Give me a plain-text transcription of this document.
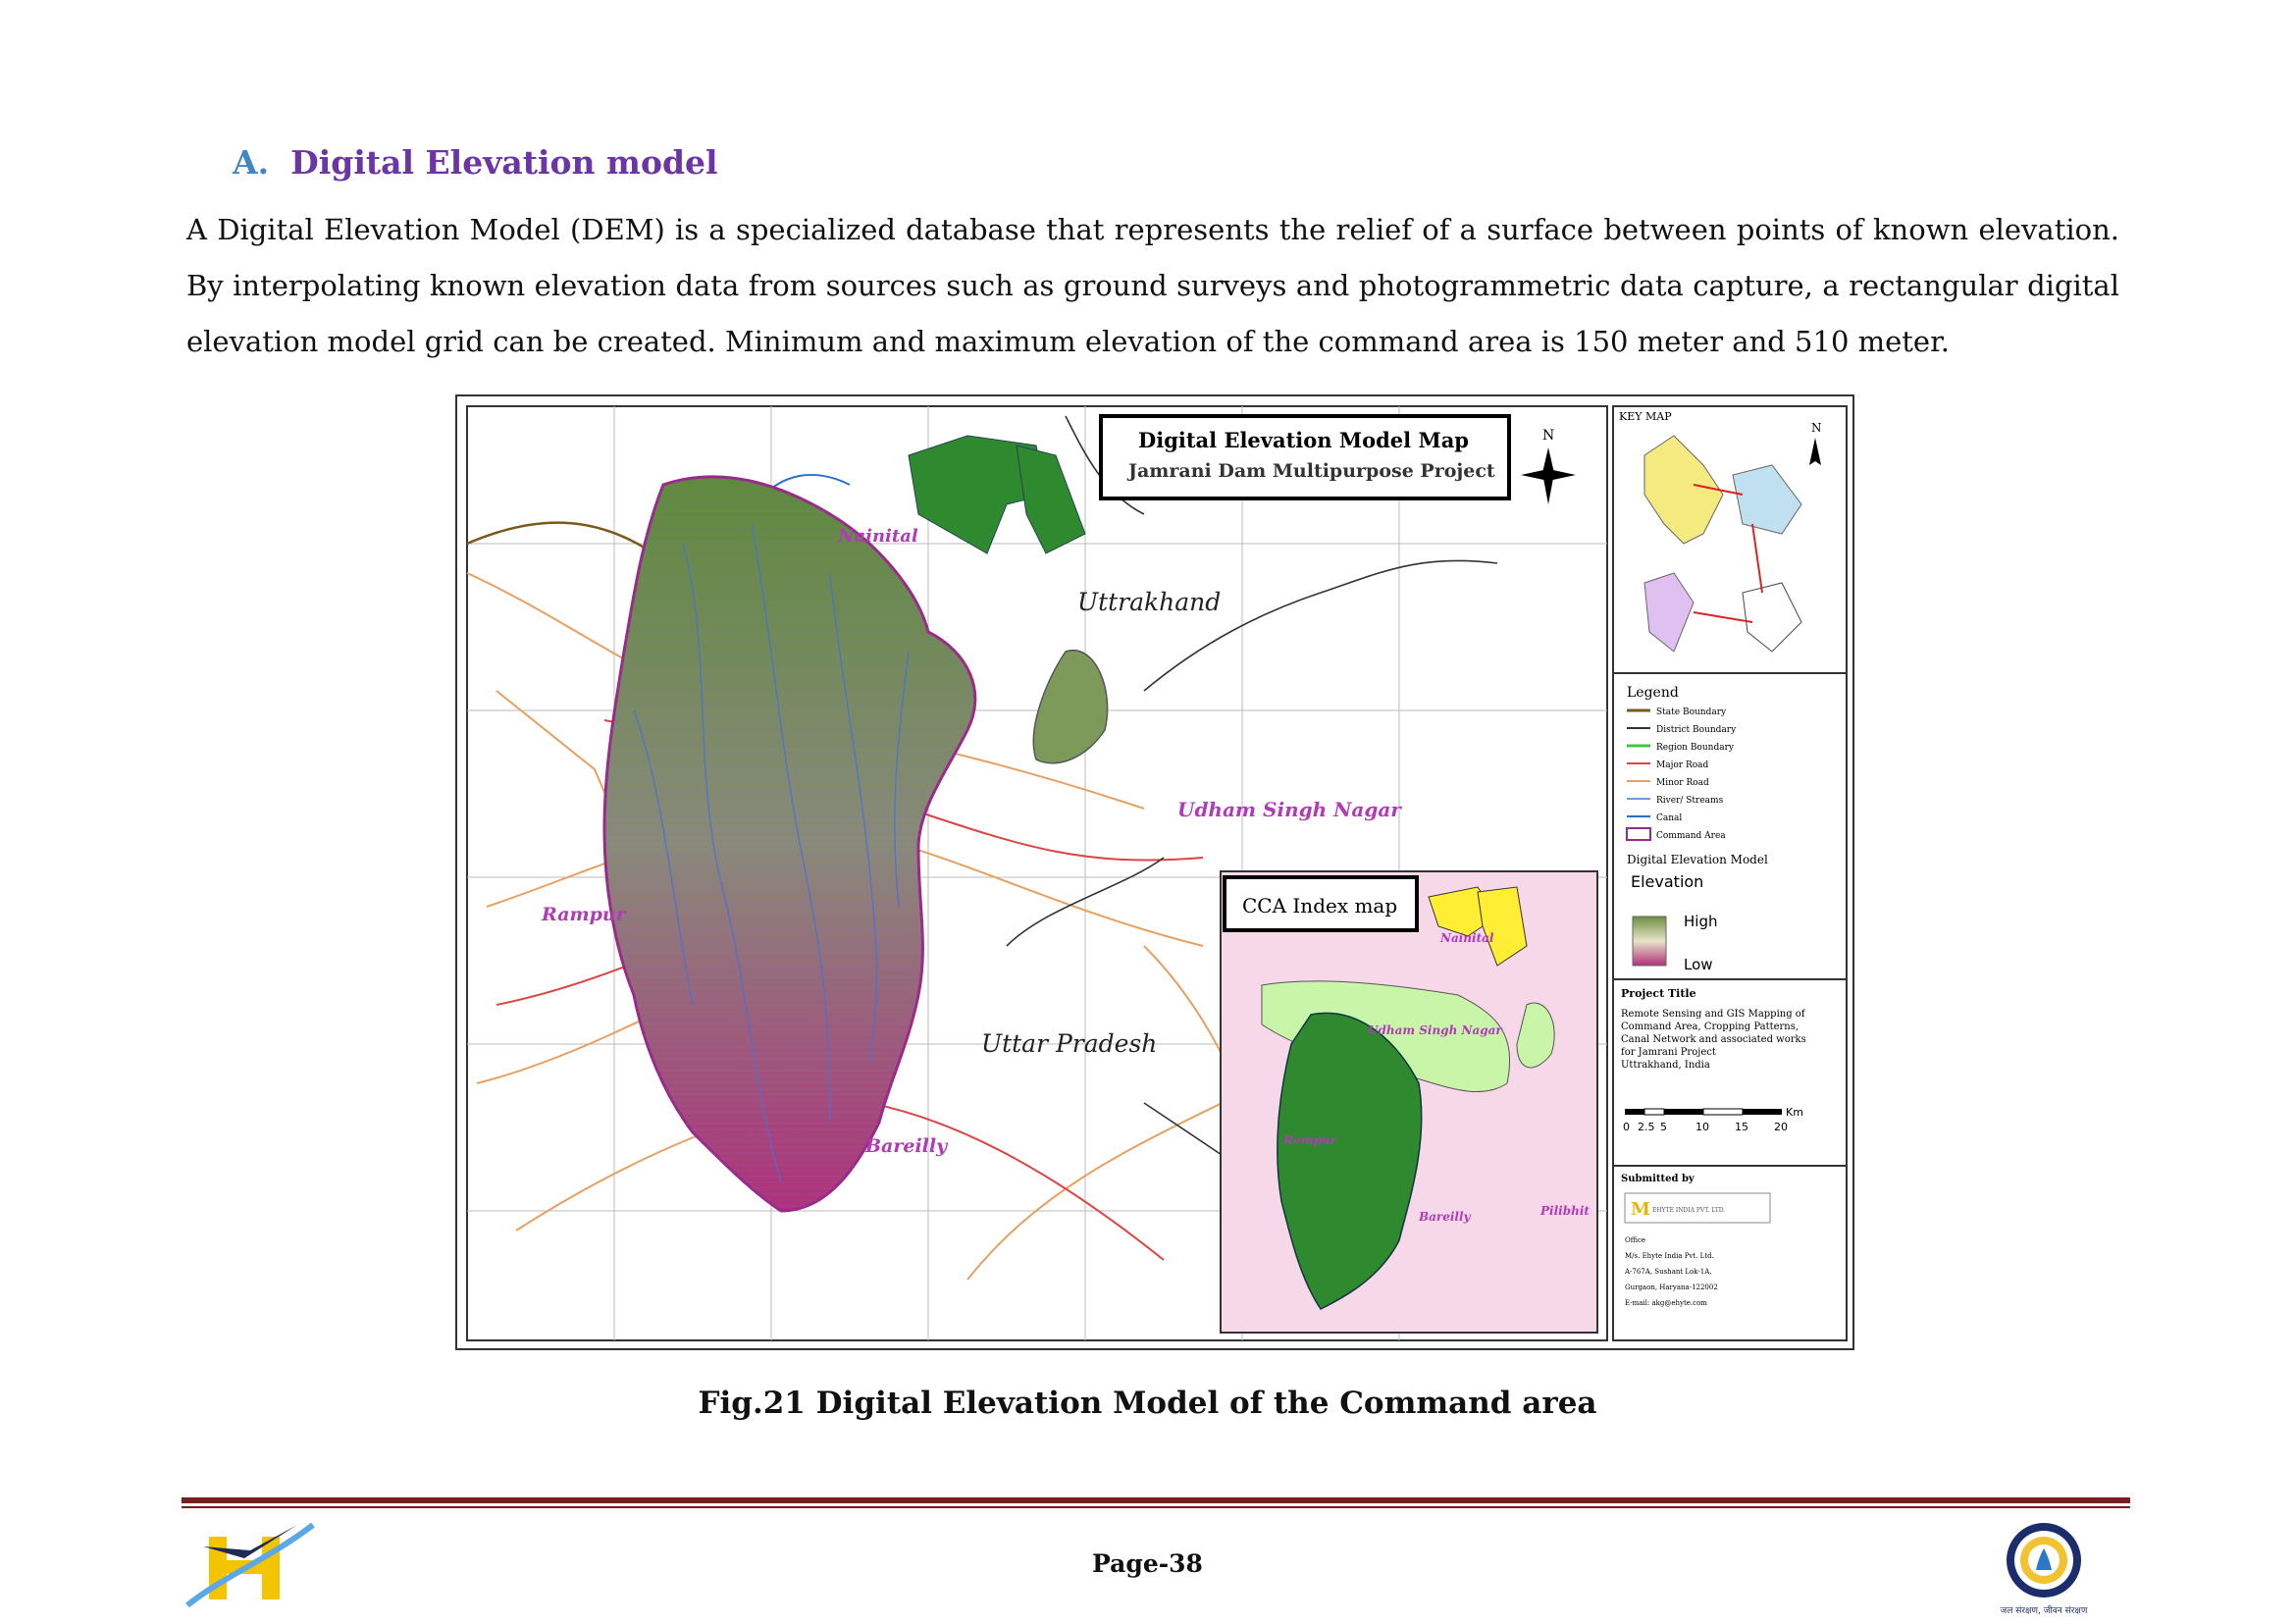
A. Digital Elevation model
A Digital Elevation Model (DEM) is a specialized database that represents the relief of a surface between points of known elevation. By interpolating known elevation data from sources such as ground surveys and photogrammetric data capture, a rectangular digital elevation model grid can be created. Minimum and maximum elevation of the command area is 150 meter and 510 meter.
Digital Elevation Model Map
Jamrani Dam Multipurpose Project
N
Nainital
Uttrakhand
Udham Singh Nagar
Rampur
Uttar Pradesh
Bareilly
CCA Index map
Nainital
Udham Singh Nagar
Rampur
Bareilly	Pilibhit
KEY MAP
N
Legend
State Boundary
District Boundary
Region Boundary
Major Road
Minor Road
River/ Streams
Canal
Command Area
Digital Elevation Model
Elevation
High
Low
Project Title
Remote Sensing and GIS Mapping of
Command Area, Cropping Patterns,
Canal Network and associated works
for Jamrani Project
Uttrakhand, India
Km
0 2.5 5	10 15 20
Submitted by
M EHYTE INDIA PVT. LTD.
Office
M/s. Ehyte India Pvt. Ltd.
A-767A, Sushant Lok-1A,
Gurgaon, Haryana-122002
E-mail: akg@ehyte.com
Fig.21 Digital Elevation Model of the Command area
Page-38
जल संरक्षण, जीवन संरक्षण
